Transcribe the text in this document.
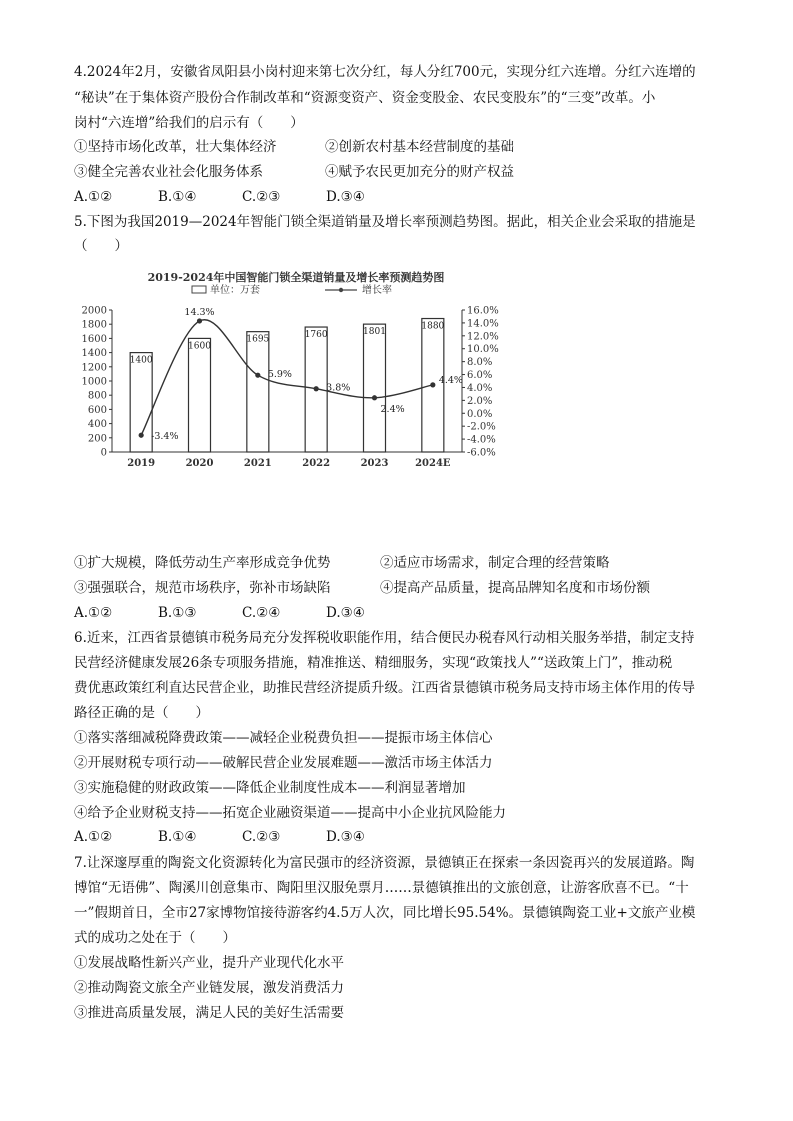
4.2024年2月，安徽省凤阳县小岗村迎来第七次分红，每人分红700元，实现分红六连增。分红六连增的
“秘诀”在于集体资产股份合作制改革和“资源变资产、资金变股金、农民变股东”的“三变”改革。小
岗村“六连增”给我们的启示有（　　）
①坚持市场化改革，壮大集体经济	②创新农村基本经营制度的基础
③健全完善农业社会化服务体系	④赋予农民更加充分的财产权益
A.①②	B.①④	C.②③	D.③④
5.下图为我国2019—2024年智能门锁全渠道销量及增长率预测趋势图。据此，相关企业会采取的措施是
（　　）
2019-2024年中国智能门锁全渠道销量及增长率预测趋势图
单位：万套	增长率
0
200
400
600
800
1000
1200
1400
1600
1800
2000
-6.0%
-4.0%
-2.0%
0.0%
2.0%
4.0%
6.0%
8.0%
10.0%
12.0%
14.0%
16.0%
2019	2020	2021	2022	2023	2024E
1400
1600
1695	1760	1801
1880
-3.4%
14.3%
5.9%
3.8%
2.4%
4.4%
①扩大规模，降低劳动生产率形成竞争优势	②适应市场需求，制定合理的经营策略
③强强联合，规范市场秩序，弥补市场缺陷	④提高产品质量，提高品牌知名度和市场份额
A.①②	B.①③	C.②④	D.③④
6.近来，江西省景德镇市税务局充分发挥税收职能作用，结合便民办税春风行动相关服务举措，制定支持
民营经济健康发展26条专项服务措施，精准推送、精细服务，实现“政策找人”“送政策上门”，推动税
费优惠政策红利直达民营企业，助推民营经济提质升级。江西省景德镇市税务局支持市场主体作用的传导
路径正确的是（　　）
①落实落细减税降费政策——减轻企业税费负担——提振市场主体信心
②开展财税专项行动——破解民营企业发展难题——激活市场主体活力
③实施稳健的财政政策——降低企业制度性成本——利润显著增加
④给予企业财税支持——拓宽企业融资渠道——提高中小企业抗风险能力
A.①②	B.①④	C.②③	D.③④
7.让深邃厚重的陶瓷文化资源转化为富民强市的经济资源，景德镇正在探索一条因瓷再兴的发展道路。陶
博馆“无语佛”、陶溪川创意集市、陶阳里汉服免票月……景德镇推出的文旅创意，让游客欣喜不已。“十
一”假期首日，全市27家博物馆接待游客约4.5万人次，同比增长95.54%。景德镇陶瓷工业+文旅产业模
式的成功之处在于（　　）
①发展战略性新兴产业，提升产业现代化水平
②推动陶瓷文旅全产业链发展，激发消费活力
③推进高质量发展，满足人民的美好生活需要
